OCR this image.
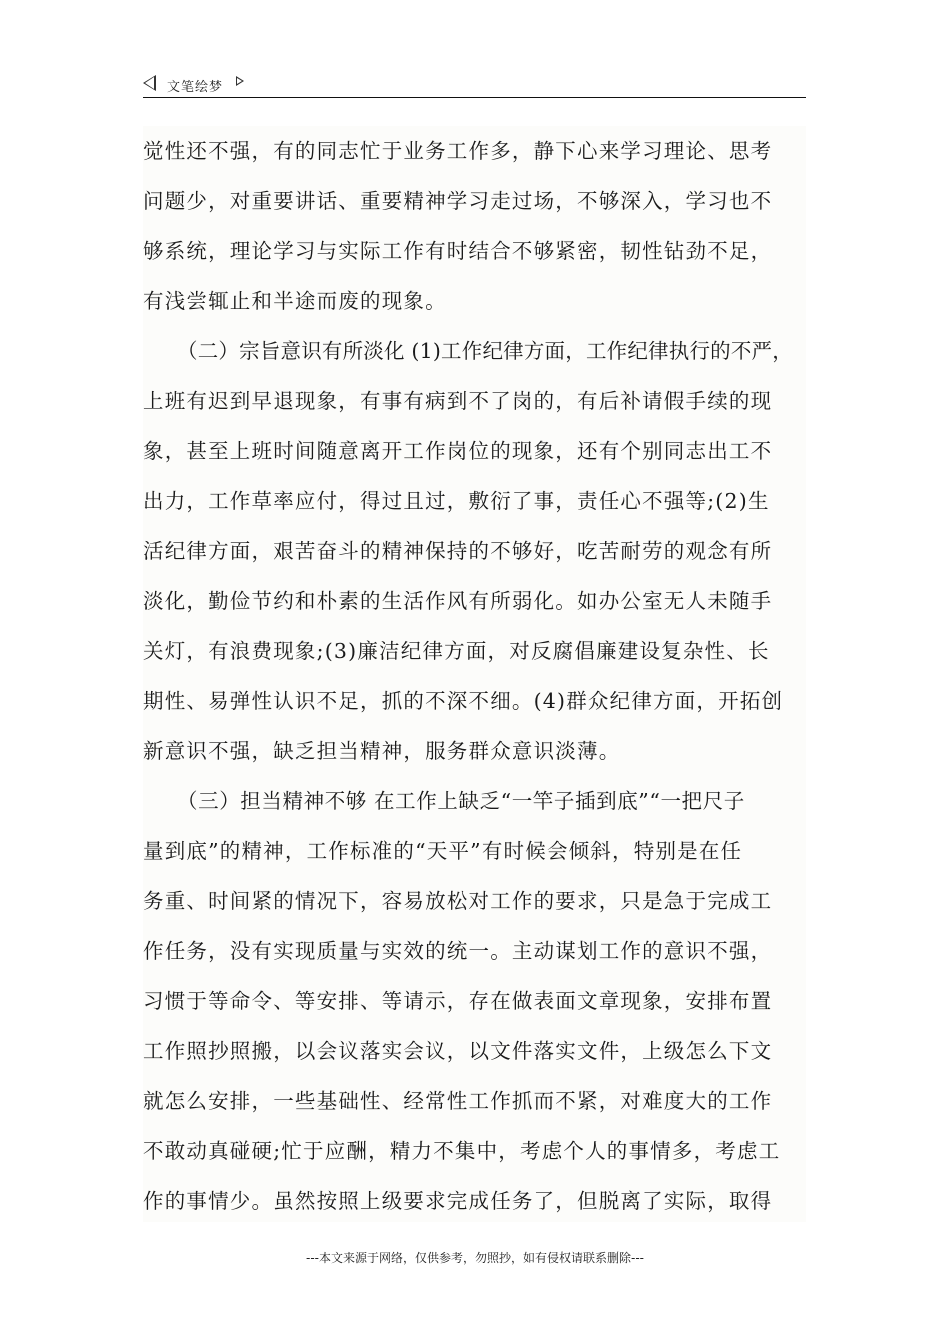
文笔绘梦
觉性还不强，有的同志忙于业务工作多，静下心来学习理论、思考
问题少，对重要讲话、重要精神学习走过场，不够深入，学习也不
够系统，理论学习与实际工作有时结合不够紧密，韧性钻劲不足，
有浅尝辄止和半途而废的现象。
（二）宗旨意识有所淡化 (1)工作纪律方面，工作纪律执行的不严，
上班有迟到早退现象，有事有病到不了岗的，有后补请假手续的现
象，甚至上班时间随意离开工作岗位的现象，还有个别同志出工不
出力，工作草率应付，得过且过，敷衍了事，责任心不强等;(2)生
活纪律方面，艰苦奋斗的精神保持的不够好，吃苦耐劳的观念有所
淡化，勤俭节约和朴素的生活作风有所弱化。如办公室无人未随手
关灯，有浪费现象;(3)廉洁纪律方面，对反腐倡廉建设复杂性、长
期性、易弹性认识不足，抓的不深不细。(4)群众纪律方面，开拓创
新意识不强，缺乏担当精神，服务群众意识淡薄。
（三）担当精神不够 在工作上缺乏“一竿子插到底”“一把尺子
量到底”的精神，工作标准的“天平”有时候会倾斜，特别是在任
务重、时间紧的情况下，容易放松对工作的要求，只是急于完成工
作任务，没有实现质量与实效的统一。主动谋划工作的意识不强，
习惯于等命令、等安排、等请示，存在做表面文章现象，安排布置
工作照抄照搬，以会议落实会议，以文件落实文件，上级怎么下文
就怎么安排，一些基础性、经常性工作抓而不紧，对难度大的工作
不敢动真碰硬;忙于应酬，精力不集中，考虑个人的事情多，考虑工
作的事情少。虽然按照上级要求完成任务了，但脱离了实际，取得
---本文来源于网络，仅供参考，勿照抄，如有侵权请联系删除---
